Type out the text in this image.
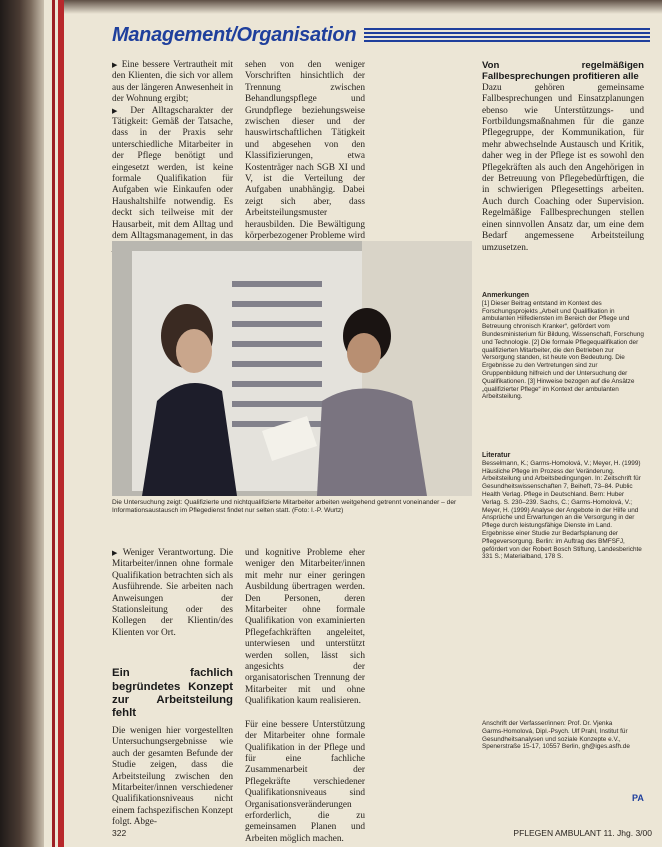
Management/Organisation

▶ Eine bessere Vertrautheit mit den Klienten, die sich vor allem aus der längeren Anwesenheit in der Wohnung ergibt;

▶ Der Alltagscharakter der Tätigkeit: Gemäß der Tatsache, dass in der Praxis sehr unterschiedliche Mitarbeiter in der Pflege benötigt und eingesetzt werden, ist keine formale Qualifikation für Aufgaben wie Einkaufen oder Haushaltshilfe notwendig. Es deckt sich teilweise mit der Hausarbeit, mit dem Alltag und dem Alltagsmanagement, in das

sehen von den weniger Vorschriften hinsichtlich der Trennung zwischen Behandlungspflege und Grundpflege beziehungsweise zwischen dieser und der hauswirtschaftlichen Tätigkeit und abgesehen von den Klassifizierungen, etwa Kostenträger nach SGB XI und V, ist die Verteilung der Aufgaben unabhängig. Dabei zeigt sich aber, dass Arbeitsteilungsmuster herausbilden. Die Bewältigung körperbezogener Probleme wird

Von regelmäßigen Fallbesprechungen profitieren alle

Dazu gehören gemeinsame Fallbesprechungen und Einsatzplanungen ebenso wie Unterstützungs- und Fortbildungsmaßnahmen für die ganze Pflegegruppe, der Kommunikation, für mehr abwechselnde Austausch und Kritik, daher weg in der Pflege ist es sowohl den Pflegekräften als auch den Angehörigen in der Betreuung von Pflegebedürftigen, die in schwierigen Pflegesettings arbeiten. Auch durch Coaching oder Supervision. Regelmäßige Fallbesprechungen stellen einen sinnvollen Ansatz dar, um eine dem Bedarf angemessene Arbeitsteilung umzusetzen.

Die Untersuchung zeigt: Qualifizierte und nichtqualifizierte Mitarbeiter arbeiten weitgehend getrennt voneinander – der Informationsaustausch im Pflegedienst findet nur selten statt. (Foto: I.-P. Wurtz)
Anmerkungen
[1] Dieser Beitrag entstand im Kontext des Forschungsprojekts „Arbeit und Qualifikation in ambulanten Hilfediensten im Bereich der Pflege und Betreuung chronisch Kranker“, gefördert vom Bundesministerium für Bildung, Wissenschaft, Forschung und Technologie. [2] Die formale Pflegequalifikation der qualifizierten Mitarbeiter, die den Betrieben zur Versorgung standen, ist heute von Bedeutung. Die Ergebnisse zu den Vertretungen sind zur Gruppenbildung hilfreich und der Untersuchung der Qualifikationen. [3] Hinweise bezogen auf die Ansätze „qualifizierter Pflege“ im Kontext der ambulanten Arbeitsteilung.
Literatur
Besselmann, K.; Garms-Homolová, V.; Meyer, H. (1999) Häusliche Pflege im Prozess der Veränderung. Arbeitsteilung und Arbeitsbedingungen. In: Zeitschrift für Gesundheitswissenschaften 7, Beiheft, 73–84. Public Health Verlag. Pflege in Deutschland. Bern: Huber Verlag. S. 230–239. Sachs, C.; Garms-Homolová, V.; Meyer, H. (1999) Analyse der Angebote in der Hilfe und Ansprüche und Erwartungen an die Versorgung in der Pflege durch leistungsfähige Dienste im Land. Ergebnisse einer Studie zur Bedarfsplanung der Pflegeversorgung. Berlin: im Auftrag des BMFSFJ, gefördert von der Robert Bosch Stiftung, Landesberichte 331 S.; Materialband, 178 S.

▶ Weniger Verantwortung. Die Mitarbeiter/innen ohne formale Qualifikation betrachten sich als Ausführende. Sie arbeiten nach Anweisungen der Stationsleitung oder des Kollegen der Klientin/des Klienten vor Ort.

Ein fachlich begründetes Konzept zur Arbeitsteilung fehlt

Die wenigen hier vorgestellten Untersuchungsergebnisse wie auch der gesamten Befunde der Studie zeigen, dass die Arbeitsteilung zwischen den Mitarbeiter/innen verschiedener Qualifikationsniveaus nicht einem fachspezifischen Konzept folgt. Abge-

und kognitive Probleme eher weniger den Mitarbeiter/innen mit mehr nur einer geringen Ausbildung übertragen werden. Den Personen, deren Mitarbeiter ohne formale Qualifikation von examinierten Pflegefachkräften angeleitet, unterwiesen und unterstützt werden sollen, lässt sich angesichts der organisatorischen Trennung der Mitarbeiter mit und ohne Qualifikation kaum realisieren.

Für eine bessere Unterstützung der Mitarbeiter ohne formale Qualifikation in der Pflege und für eine fachliche Zusammenarbeit der Pflegekräfte verschiedener Qualifikationsniveaus sind Organisationsveränderungen erforderlich, die zu gemeinsamen Planen und Arbeiten möglich machen.

Anschrift der Verfasser/innen: Prof. Dr. Vjenka Garms-Homolová, Dipl.-Psych. Ulf Prahl, Institut für Gesundheitsanalysen und soziale Konzepte e.V., Spenerstraße 15-17, 10557 Berlin, gh@iges.asfh.de
PA
322	PFLEGEN AMBULANT 11. Jhg. 3/00
